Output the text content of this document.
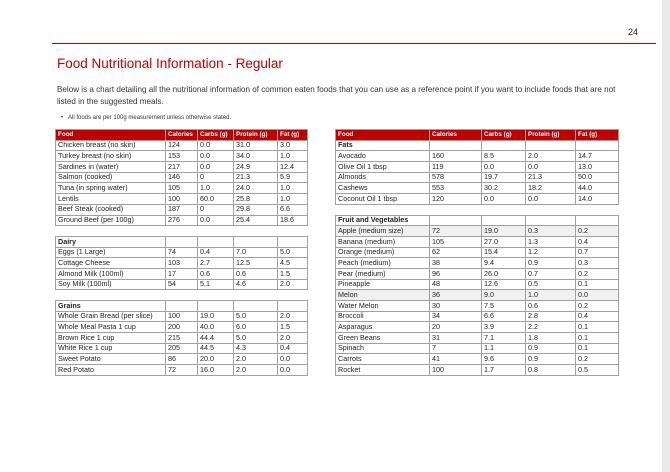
24
Food Nutritional Information - Regular
Below is a chart detailing all the nutritional information of common eaten foods that you can use as a reference point if you want to include foods that are not listed in the suggested meals.
• All foods are per 100g measurement unless otherwise stated.
Food	Calories	Carbs (g)	Protein (g)	Fat (g)
Chicken breast (no skin)	124	0.0	31.0	3.0
Turkey breast (no skin)	153	0.0	34.0	1.0
Sardines in (water)	217	0.0	24.9	12.4
Salmon (cooked)	146	0	21.3	5.9
Tuna (in spring water)	105	1.0	24.0	1.0
Lentils	100	60.0	25.8	1.0
Beef Steak (cooked)	187	0	29.8	6.6
Ground Beef (per 100g)	276	0.0	25.4	18.6

Dairy				
Eggs (1 Large)	74	0.4	7.0	5.0
Cottage Cheese	103	2.7	12.5	4.5
Almond Milk (100ml)	17	0.6	0.6	1.5
Soy Milk (100ml)	54	5.1	4.6	2.0

Grains				
Whole Grain Bread (per slice)	100	19.0	5.0	2.0
Whole Meal Pasta 1 cup	200	40.0	6.0	1.5
Brown Rice 1 cup	215	44.4	5.0	2.0
White Rice 1 cup	205	44.5	4.3	0.4
Sweet Potato	86	20.0	2.0	0.0
Red Potato	72	16.0	2.0	0.0
Food	Calories	Carbs (g)	Protein (g)	Fat (g)
Fats				
Avocado	160	8.5	2.0	14.7
Olive Oil 1 tbsp	119	0.0	0.0	13.0
Almonds	578	19.7	21.3	50.0
Cashews	553	30.2	18.2	44.0
Coconut Oil 1 tbsp	120	0.0	0.0	14.0

Fruit and Vegetables				
Apple (medium size)	72	19.0	0.3	0.2
Banana (medium)	105	27.0	1.3	0.4
Orange (medium)	62	15.4	1.2	0.7
Peach (medium)	38	9.4	0.9	0.3
Pear (medium)	96	26.0	0.7	0.2
Pineapple	48	12.6	0.5	0.1
Melon	36	9.0	1.0	0.0
Water Melon	30	7.5	0.6	0.2
Broccoli	34	6.6	2.8	0.4
Asparagus	20	3.9	2.2	0.1
Green Beans	31	7.1	1.8	0.1
Spinach	7	1.1	0.9	0.1
Carrots	41	9.6	0.9	0.2
Rocket	100	1.7	0.8	0.5
